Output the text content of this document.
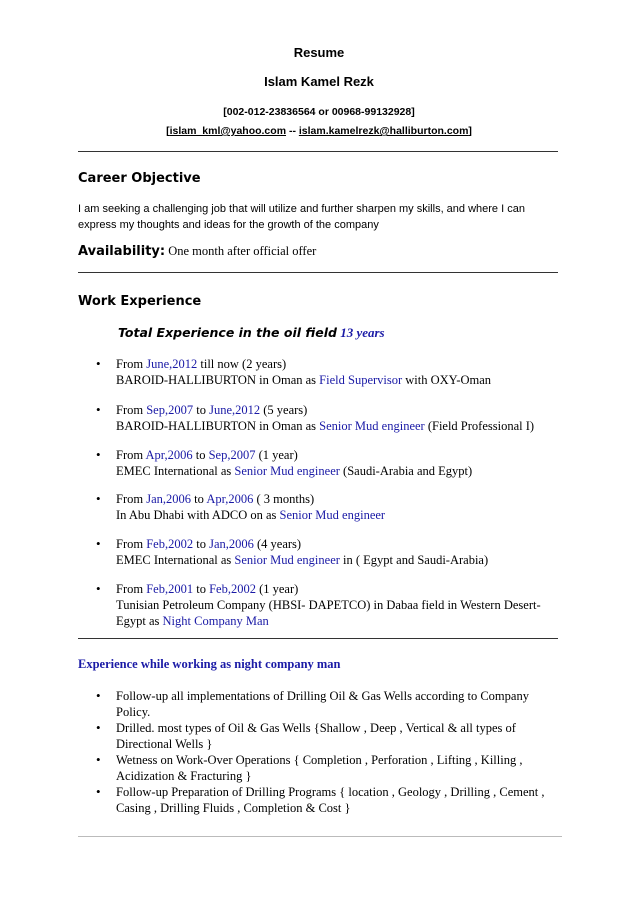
Resume
Islam Kamel Rezk
[002-012-23836564 or 00968-99132928]
[islam_kml@yahoo.com -- islam.kamelrezk@halliburton.com]
Career Objective
I am seeking a challenging job that will utilize and further sharpen my skills, and where I can express my thoughts and ideas for the growth of the company
Availability: One month after official offer
Work Experience
Total Experience in the oil field 13 years
• From June,2012 till now (2 years)
BAROID-HALLIBURTON in Oman as Field Supervisor with OXY-Oman
• From Sep,2007 to June,2012 (5 years)
BAROID-HALLIBURTON in Oman as Senior Mud engineer (Field Professional I)
• From Apr,2006 to Sep,2007 (1 year)
EMEC International as Senior Mud engineer (Saudi-Arabia and Egypt)
• From Jan,2006 to Apr,2006 ( 3 months)
In Abu Dhabi with ADCO on as Senior Mud engineer
• From Feb,2002 to Jan,2006 (4 years)
EMEC International as Senior Mud engineer in ( Egypt and Saudi-Arabia)
• From Feb,2001 to Feb,2002 (1 year)
Tunisian Petroleum Company (HBSI- DAPETCO) in Dabaa field in Western Desert-
Egypt as Night Company Man
Experience while working as night company man
• Follow-up all implementations of Drilling Oil & Gas Wells according to Company
Policy.
• Drilled. most types of Oil & Gas Wells {Shallow , Deep , Vertical & all types of
Directional Wells }
• Wetness on Work-Over Operations { Completion , Perforation , Lifting , Killing ,
Acidization & Fracturing }
• Follow-up Preparation of Drilling Programs { location , Geology , Drilling , Cement ,
Casing , Drilling Fluids , Completion & Cost }
